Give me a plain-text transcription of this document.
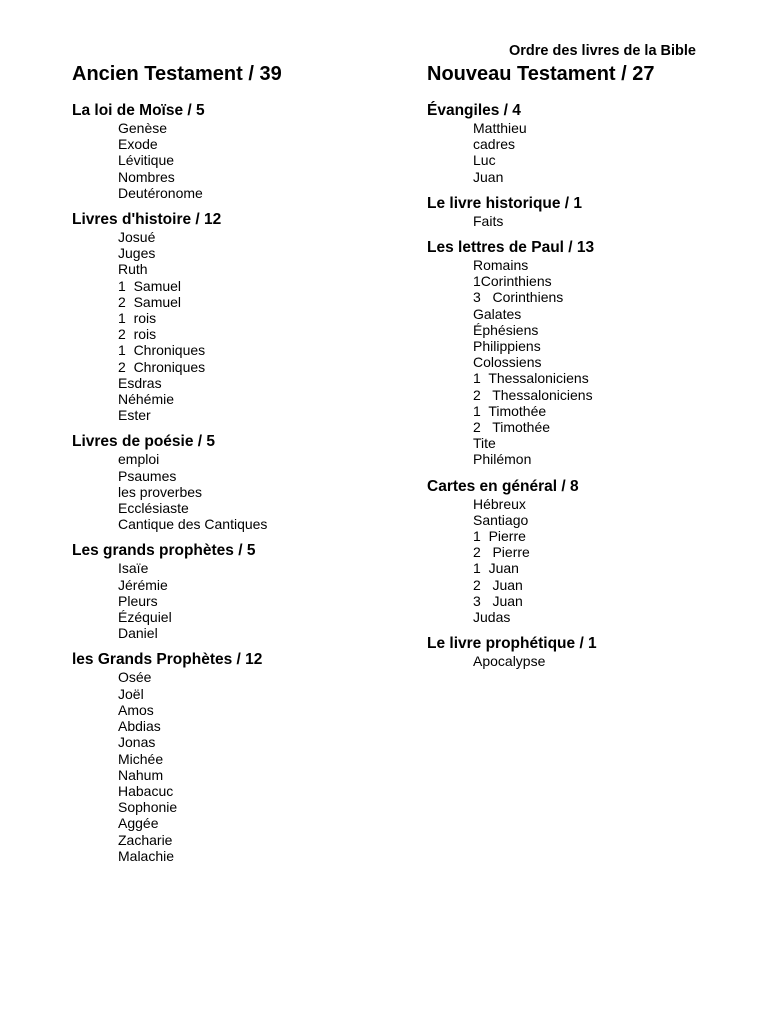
Ordre des livres de la Bible
Ancien Testament / 39
La loi de Moïse / 5
Genèse
Exode
Lévitique
Nombres
Deutéronome
Livres d'histoire / 12
Josué
Juges
Ruth
1  Samuel
2  Samuel
1  rois
2  rois
1  Chroniques
2  Chroniques
Esdras
Néhémie
Ester
Livres de poésie / 5
emploi
Psaumes
les proverbes
Ecclésiaste
Cantique des Cantiques
Les grands prophètes / 5
Isaïe
Jérémie
Pleurs
Ézéquiel
Daniel
les Grands Prophètes / 12
Osée
Joël
Amos
Abdias
Jonas
Michée
Nahum
Habacuc
Sophonie
Aggée
Zacharie
Malachie
Nouveau Testament / 27
Évangiles / 4
Matthieu
cadres
Luc
Juan
Le livre historique / 1
Faits
Les lettres de Paul / 13
Romains
1Corinthiens
3   Corinthiens
Galates
Éphésiens
Philippiens
Colossiens
1  Thessaloniciens
2   Thessaloniciens
1  Timothée
2   Timothée
Tite
Philémon
Cartes en général / 8
Hébreux
Santiago
1  Pierre
2   Pierre
1  Juan
2   Juan
3   Juan
Judas
Le livre prophétique / 1
Apocalypse
